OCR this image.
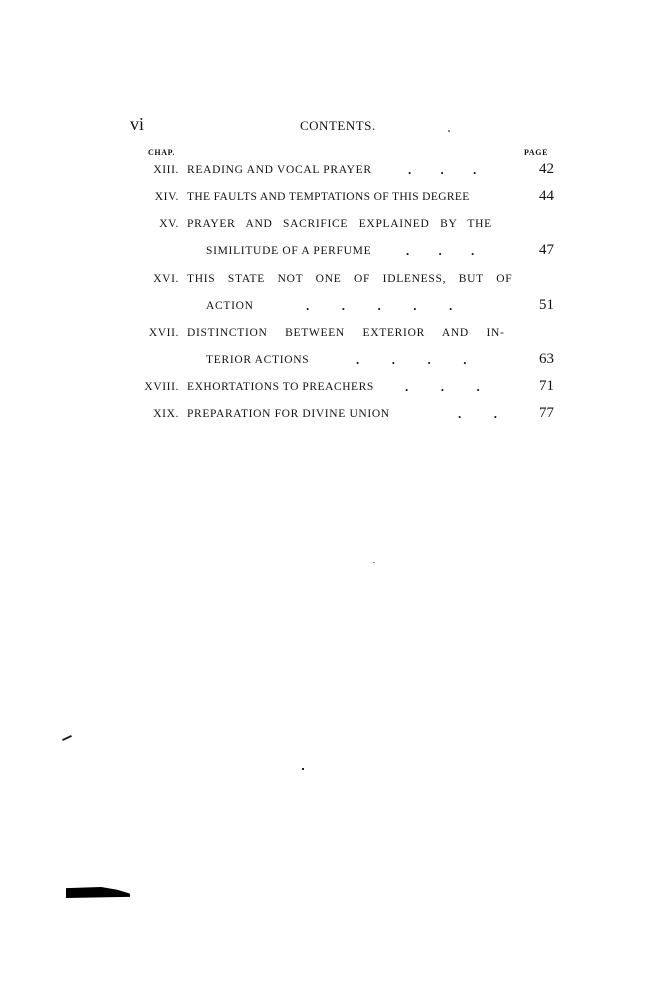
vi	CONTENTS.
CHAP.	PAGE
XIII. READING AND VOCAL PRAYER	.         .         .	42
XIV. THE FAULTS AND TEMPTATIONS OF THIS DEGREE	44
XV. PRAYER AND SACRIFICE EXPLAINED BY THE
SIMILITUDE OF A PERFUME	.         .         .	47
XVI. THIS STATE NOT ONE OF IDLENESS, BUT OF
ACTION	.          .          .          .          .	51
XVII. DISTINCTION BETWEEN EXTERIOR AND IN-
TERIOR ACTIONS	.          .          .          .	63
XVIII. EXHORTATIONS TO PREACHERS .          .          .	71
XIX. PREPARATION FOR DIVINE UNION	.          .	77
